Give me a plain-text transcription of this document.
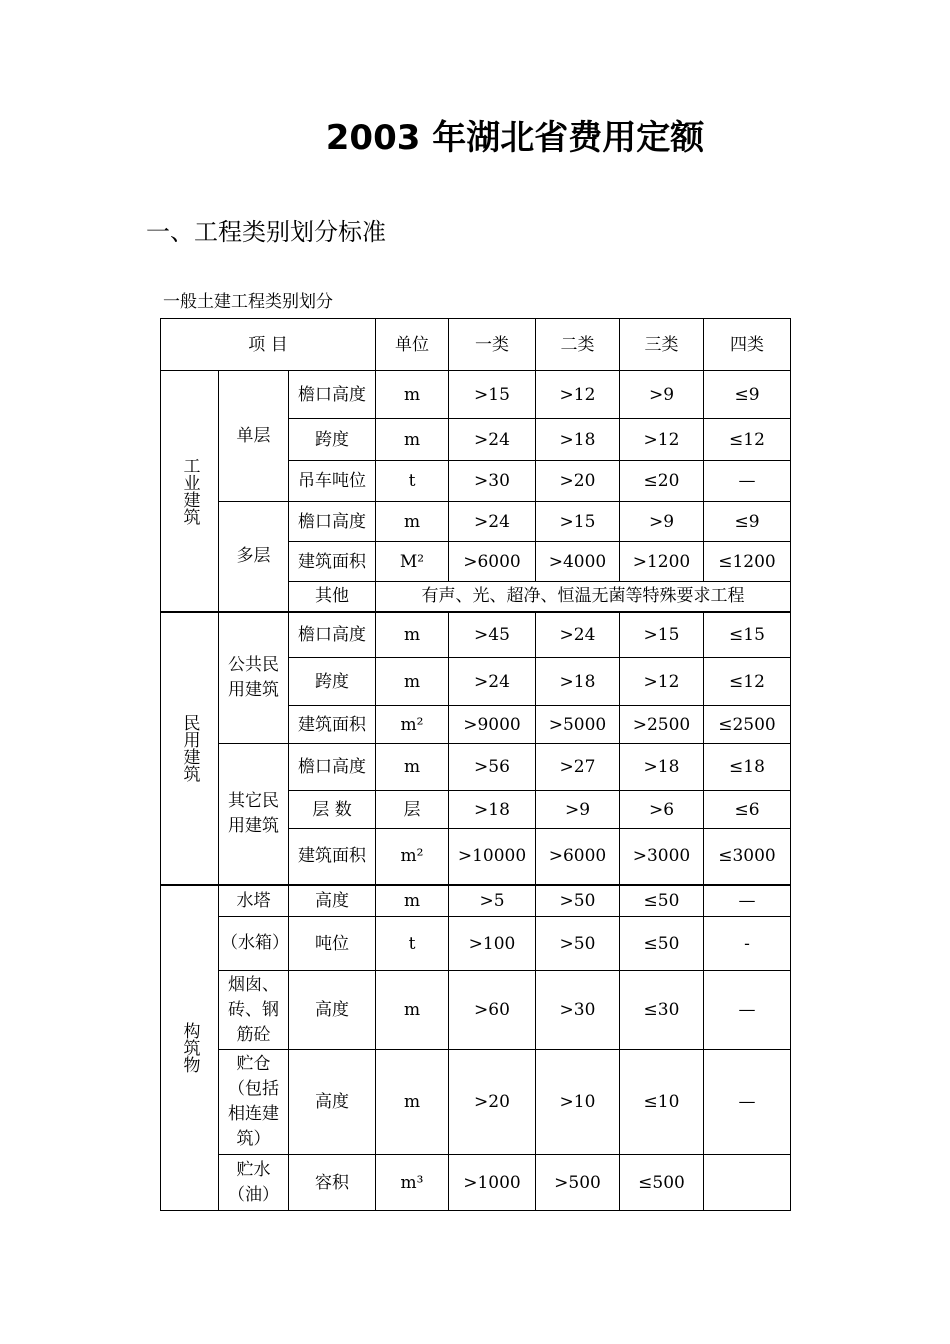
2003 年湖北省费用定额
一、工程类别划分标准
一般土建工程类别划分
项 目			单位	一类	二类	三类	四类
工业建筑	单层	檐口高度	m	>15	>12	>9	≤9
		跨度	m	>24	>18	>12	≤12
		吊车吨位	t	>30	>20	≤20	—
	多层	檐口高度	m	>24	>15	>9	≤9
		建筑面积	M²	>6000	>4000	>1200	≤1200
		其他	有声、光、超净、恒温无菌等特殊要求工程				
民用建筑	公共民用建筑	檐口高度	m	>45	>24	>15	≤15
		跨度	m	>24	>18	>12	≤12
		建筑面积	m²	>9000	>5000	>2500	≤2500
	其它民用建筑	檐口高度	m	>56	>27	>18	≤18
		层 数	层	>18	>9	>6	≤6
		建筑面积	m²	>10000	>6000	>3000	≤3000
构筑物	水塔	高度	m	>5	>50	≤50	—
	（水箱）	吨位	t	>100	>50	≤50	-
	烟囱、砖、钢筋砼	高度	m	>60	>30	≤30	—
	贮仓（包括相连建筑）	高度	m	>20	>10	≤10	—
	贮水（油）	容积	m³	>1000	>500	≤500	
